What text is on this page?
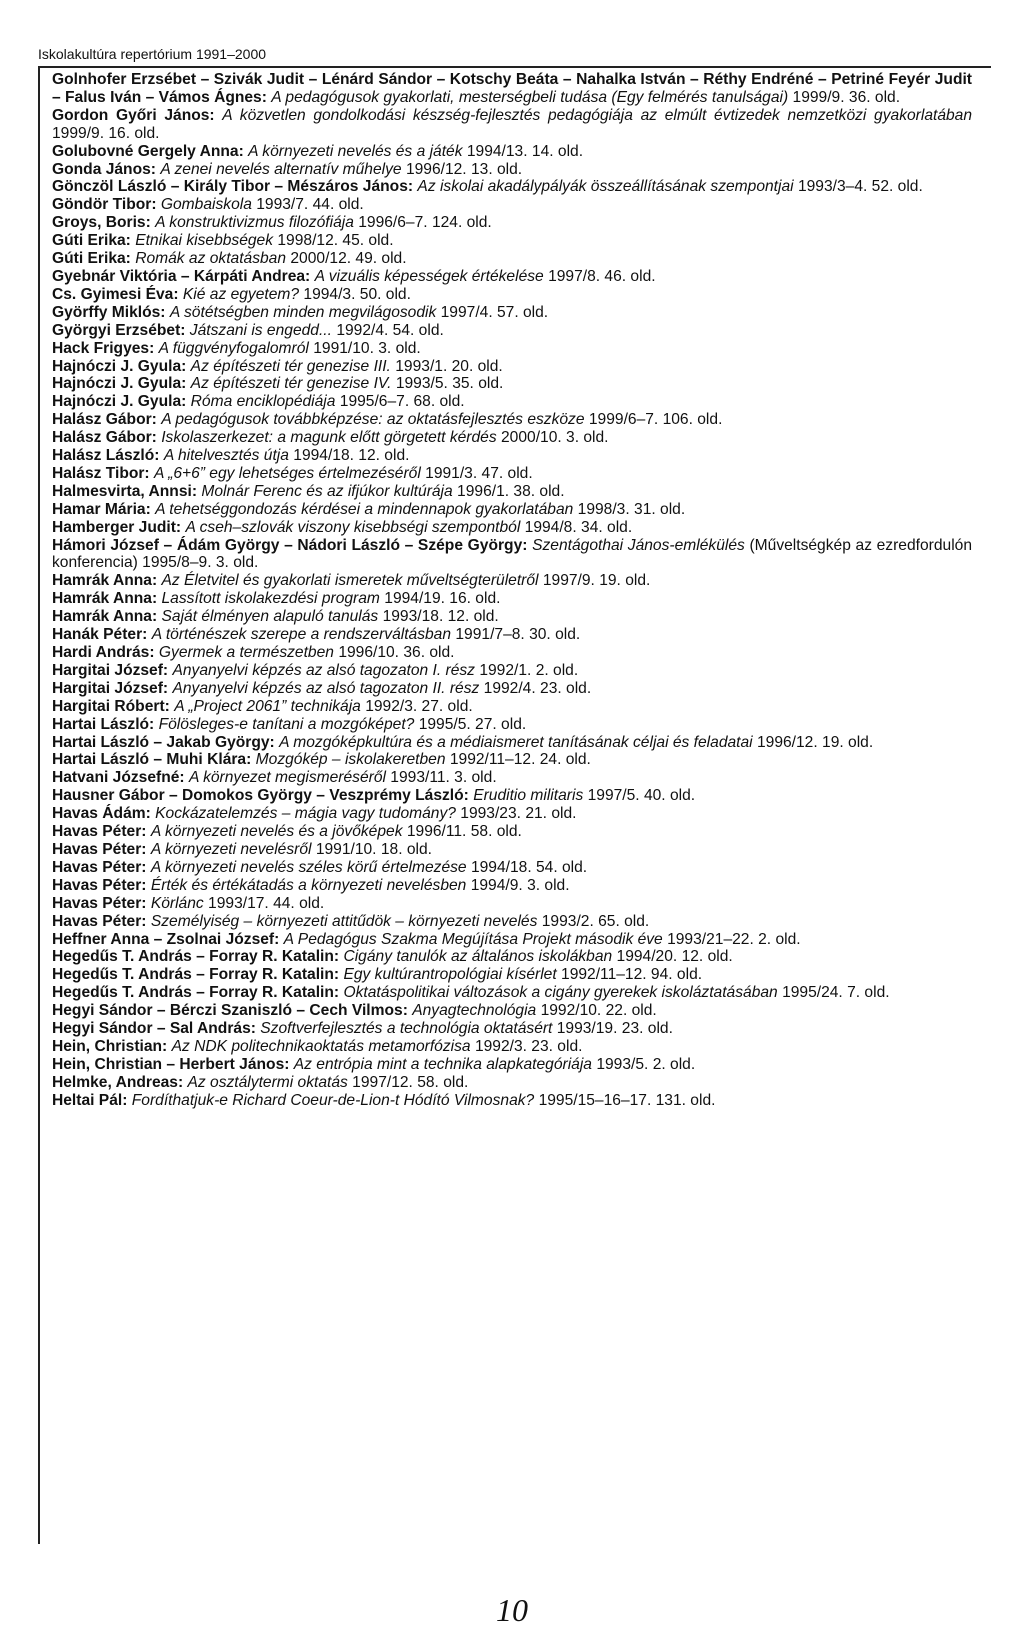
Iskolakultúra repertórium 1991–2000

Golnhofer Erzsébet – Szivák Judit – Lénárd Sándor – Kotschy Beáta – Nahalka István – Réthy Endréné – Petriné Feyér Judit – Falus Iván – Vámos Ágnes: A pedagógusok gyakorlati, mesterségbeli tudása (Egy felmérés tanulságai) 1999/9. 36. old.

Gordon Győri János: A közvetlen gondolkodási készség-fejlesztés pedagógiája az elmúlt évtizedek nemzetközi gyakorlatában 1999/9. 16. old.

Golubovné Gergely Anna: A környezeti nevelés és a játék 1994/13. 14. old.

Gonda János: A zenei nevelés alternatív műhelye 1996/12. 13. old.

Gönczöl László – Király Tibor – Mészáros János: Az iskolai akadálypályák összeállításának szempontjai 1993/3–4. 52. old.

Göndör Tibor: Gombaiskola 1993/7. 44. old.

Groys, Boris: A konstruktivizmus filozófiája 1996/6–7. 124. old.

Gúti Erika: Etnikai kisebbségek 1998/12. 45. old.

Gúti Erika: Romák az oktatásban 2000/12. 49. old.

Gyebnár Viktória – Kárpáti Andrea: A vizuális képességek értékelése 1997/8. 46. old.

Cs. Gyimesi Éva: Kié az egyetem? 1994/3. 50. old.

Györffy Miklós: A sötétségben minden megvilágosodik 1997/4. 57. old.

Györgyi Erzsébet: Játszani is engedd... 1992/4. 54. old.

Hack Frigyes: A függvényfogalomról 1991/10. 3. old.

Hajnóczi J. Gyula: Az építészeti tér genezise III. 1993/1. 20. old.

Hajnóczi J. Gyula: Az építészeti tér genezise IV. 1993/5. 35. old.

Hajnóczi J. Gyula: Róma enciklopédiája 1995/6–7. 68. old.

Halász Gábor: A pedagógusok továbbképzése: az oktatásfejlesztés eszköze 1999/6–7. 106. old.

Halász Gábor: Iskolaszerkezet: a magunk előtt görgetett kérdés 2000/10. 3. old.

Halász László: A hitelvesztés útja 1994/18. 12. old.

Halász Tibor: A „6+6” egy lehetséges értelmezéséről 1991/3. 47. old.

Halmesvirta, Annsi: Molnár Ferenc és az ifjúkor kultúrája 1996/1. 38. old.

Hamar Mária: A tehetséggondozás kérdései a mindennapok gyakorlatában 1998/3. 31. old.

Hamberger Judit: A cseh–szlovák viszony kisebbségi szempontból 1994/8. 34. old.

Hámori József – Ádám György – Nádori László – Szépe György: Szentágothai János-emlékülés (Műveltségkép az ezredfordulón konferencia) 1995/8–9. 3. old.

Hamrák Anna: Az Életvitel és gyakorlati ismeretek műveltségterületről 1997/9. 19. old.

Hamrák Anna: Lassított iskolakezdési program 1994/19. 16. old.

Hamrák Anna: Saját élményen alapuló tanulás 1993/18. 12. old.

Hanák Péter: A történészek szerepe a rendszerváltásban 1991/7–8. 30. old.

Hardi András: Gyermek a természetben 1996/10. 36. old.

Hargitai József: Anyanyelvi képzés az alsó tagozaton I. rész 1992/1. 2. old.

Hargitai József: Anyanyelvi képzés az alsó tagozaton II. rész 1992/4. 23. old.

Hargitai Róbert: A „Project 2061” technikája 1992/3. 27. old.

Hartai László: Fölösleges-e tanítani a mozgóképet? 1995/5. 27. old.

Hartai László – Jakab György: A mozgóképkultúra és a médiaismeret tanításának céljai és feladatai 1996/12. 19. old.

Hartai László – Muhi Klára: Mozgókép – iskolakeretben 1992/11–12. 24. old.

Hatvani Józsefné: A környezet megismeréséről 1993/11. 3. old.

Hausner Gábor – Domokos György – Veszprémy László: Eruditio militaris 1997/5. 40. old.

Havas Ádám: Kockázatelemzés – mágia vagy tudomány? 1993/23. 21. old.

Havas Péter: A környezeti nevelés és a jövőképek 1996/11. 58. old.

Havas Péter: A környezeti nevelésről 1991/10. 18. old.

Havas Péter: A környezeti nevelés széles körű értelmezése 1994/18. 54. old.

Havas Péter: Érték és értékátadás a környezeti nevelésben 1994/9. 3. old.

Havas Péter: Körlánc 1993/17. 44. old.

Havas Péter: Személyiség – környezeti attitűdök – környezeti nevelés 1993/2. 65. old.

Heffner Anna – Zsolnai József: A Pedagógus Szakma Megújítása Projekt második éve 1993/21–22. 2. old.

Hegedűs T. András – Forray R. Katalin: Cigány tanulók az általános iskolákban 1994/20. 12. old.

Hegedűs T. András – Forray R. Katalin: Egy kultúrantropológiai kísérlet 1992/11–12. 94. old.

Hegedűs T. András – Forray R. Katalin: Oktatáspolitikai változások a cigány gyerekek iskoláztatásában 1995/24. 7. old.

Hegyi Sándor – Bérczi Szaniszló – Cech Vilmos: Anyagtechnológia 1992/10. 22. old.

Hegyi Sándor – Sal András: Szoftverfejlesztés a technológia oktatásért 1993/19. 23. old.

Hein, Christian: Az NDK politechnikaoktatás metamorfózisa 1992/3. 23. old.

Hein, Christian – Herbert János: Az entrópia mint a technika alapkategóriája 1993/5. 2. old.

Helmke, Andreas: Az osztálytermi oktatás 1997/12. 58. old.

Heltai Pál: Fordíthatjuk-e Richard Coeur-de-Lion-t Hódító Vilmosnak? 1995/15–16–17. 131. old.

10
